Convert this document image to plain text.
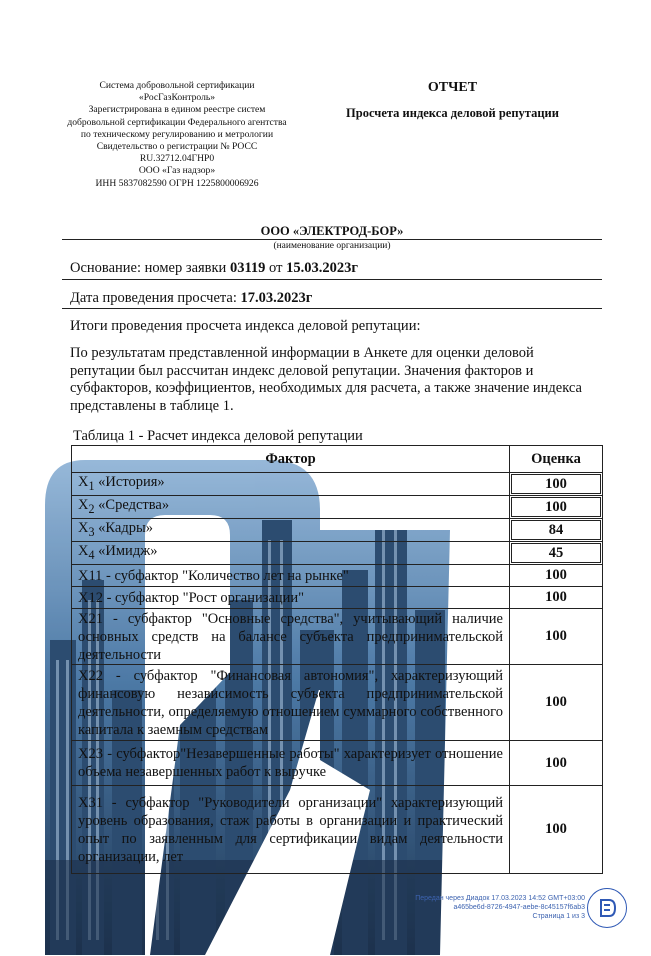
Система добровольной сертификации
«РосГазКонтроль»
Зарегистрирована в едином реестре систем добровольной сертификации Федерального агентства по техническому регулированию и метрологии
Свидетельство о регистрации № РОСС
RU.32712.04ГНР0
ООО «Газ надзор»
ИНН 5837082590 ОГРН 1225800006926
ОТЧЕТ
Просчета индекса деловой репутации
ООО «ЭЛЕКТРОД-БОР»
(наименование организации)
Основание: номер заявки 03119 от 15.03.2023г
Дата проведения просчета: 17.03.2023г
Итоги проведения просчета индекса деловой репутации:
По результатам представленной информации в Анкете для оценки деловой репутации был рассчитан индекс деловой репутации. Значения факторов и субфакторов, коэффициентов, необходимых для расчета, а также значение индекса представлены в таблице 1.
Таблица 1 - Расчет индекса деловой репутации
Фактор	Оценка
$X_1$ «История»	100
$X_2$ «Средства»	100
$X_3$ «Кадры»	84
$X_4$ «Имидж»	45
X11 - субфактор "Количество лет на рынке"	100
X12 - субфактор "Рост организации"	100
X21 - субфактор "Основные средства", учитывающий наличие основных средств на балансе субъекта предпринимательской деятельности	100
X22 - субфактор "Финансовая автономия", характеризующий финансовую независимость субъекта предпринимательской деятельности, определяемую отношением суммарного собственного капитала к заемным средствам	100
X23 - субфактор"Незавершенные работы" характеризует отношение объема незавершенных работ к выручке	100
X31 - субфактор "Руководители организации" характеризующий уровень образования, стаж работы в организации и практический опыт по заявленным для сертификации видам деятельности организации, лет	100
Передан через Диадок 17.03.2023 14:52 GMT+03:00
a465be6d-8726-4947-aebe-8c45157f6ab3
Страница 1 из 3
